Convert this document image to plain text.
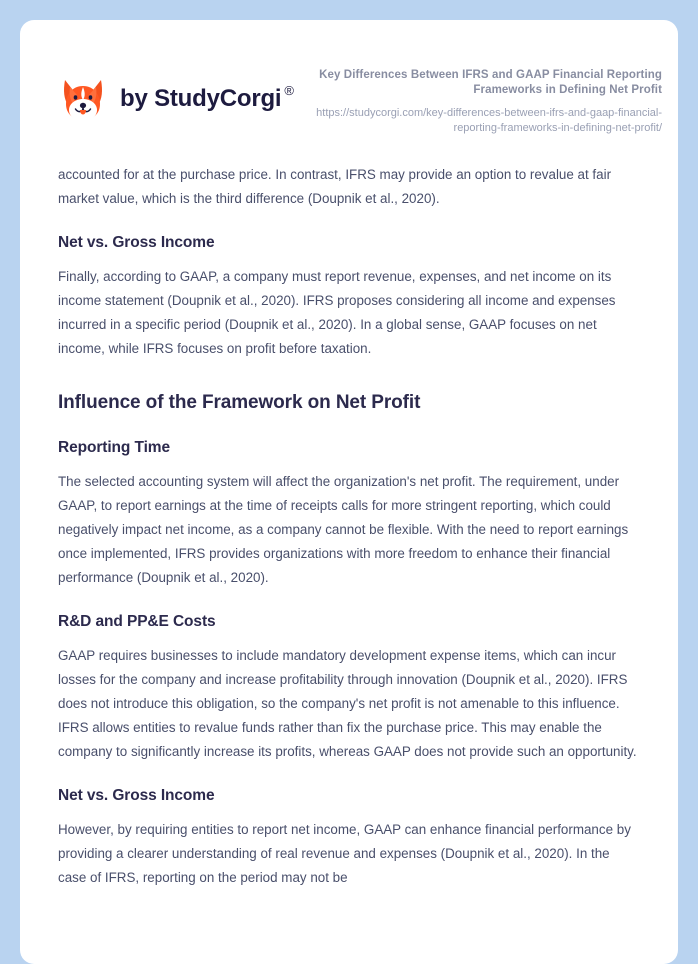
by StudyCorgi ®

Key Differences Between IFRS and GAAP Financial Reporting Frameworks in Defining Net Profit

https://studycorgi.com/key-differences-between-ifrs-and-gaap-financial-reporting-frameworks-in-defining-net-profit/

accounted for at the purchase price. In contrast, IFRS may provide an option to revalue at fair market value, which is the third difference (Doupnik et al., 2020).

Net vs. Gross Income

Finally, according to GAAP, a company must report revenue, expenses, and net income on its income statement (Doupnik et al., 2020). IFRS proposes considering all income and expenses incurred in a specific period (Doupnik et al., 2020). In a global sense, GAAP focuses on net income, while IFRS focuses on profit before taxation.

Influence of the Framework on Net Profit
Reporting Time

The selected accounting system will affect the organization's net profit. The requirement, under GAAP, to report earnings at the time of receipts calls for more stringent reporting, which could negatively impact net income, as a company cannot be flexible. With the need to report earnings once implemented, IFRS provides organizations with more freedom to enhance their financial performance (Doupnik et al., 2020).

R&D and PP&E Costs

GAAP requires businesses to include mandatory development expense items, which can incur losses for the company and increase profitability through innovation (Doupnik et al., 2020). IFRS does not introduce this obligation, so the company's net profit is not amenable to this influence. IFRS allows entities to revalue funds rather than fix the purchase price. This may enable the company to significantly increase its profits, whereas GAAP does not provide such an opportunity.

Net vs. Gross Income

However, by requiring entities to report net income, GAAP can enhance financial performance by providing a clearer understanding of real revenue and expenses (Doupnik et al., 2020). In the case of IFRS, reporting on the period may not be
